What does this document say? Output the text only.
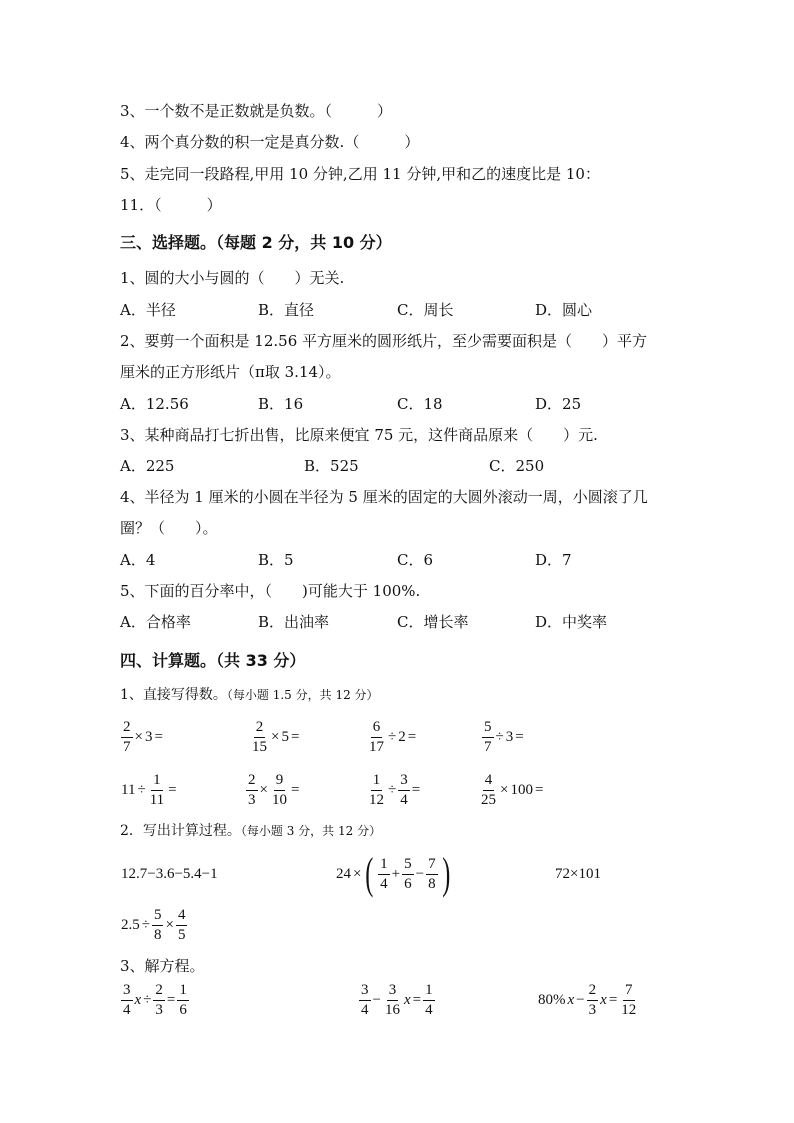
3、一个数不是正数就是负数。（　　　）
4、两个真分数的积一定是真分数.（　　　）
5、走完同一段路程,甲用 10 分钟,乙用 11 分钟,甲和乙的速度比是 10：
11．（　　　）
三、选择题。（每题 2 分，共 10 分）
1、圆的大小与圆的（　　）无关.
A．半径	B．直径	C．周长	D．圆心
2、要剪一个面积是 12.56 平方厘米的圆形纸片，至少需要面积是（　　）平方
厘米的正方形纸片（π取 3.14）。
A．12.56	B．16	C．18	D．25
3、某种商品打七折出售，比原来便宜 75 元，这件商品原来（　　）元.
A．225	B．525	C．250
4、半径为 1 厘米的小圆在半径为 5 厘米的固定的大圆外滚动一周，小圆滚了几
圈？（　　）。
A．4	B．5	C．6	D．7
5、下面的百分率中，（　　)可能大于 100%.
A．合格率	B．出油率	C．增长率	D．中奖率
四、计算题。（共 33 分）
1、直接写得数。（每小题 1.5 分，共 12 分）
$\frac{2}{7} \times 3$ =	$\frac{2}{15} \times 5$ =	$\frac{6}{17} \div 2$ =	$\frac{5}{7} \div 3$ =
$11 \div \frac{1}{11}$ =	$\frac{2}{3} \times \frac{9}{10}$ =	$\frac{1}{12} \div \frac{3}{4}$ =	$\frac{4}{25} \times 100$ =
2．写出计算过程。（每小题 3 分，共 12 分）
12.7−3.6−5.4−1	24 × ( $\frac{1}{4} + \frac{5}{6} - \frac{7}{8}$ )	72×101
$2.5 \div \frac{5}{8} \times \frac{4}{5}$
3、解方程。
$\frac{3}{4}$ $x \div \frac{2}{3} = \frac{1}{6}$	$\frac{3}{4} - \frac{3}{16}$ $x = \frac{1}{4}$	80% $x - \frac{2}{3}$ $x = \frac{7}{12}$
